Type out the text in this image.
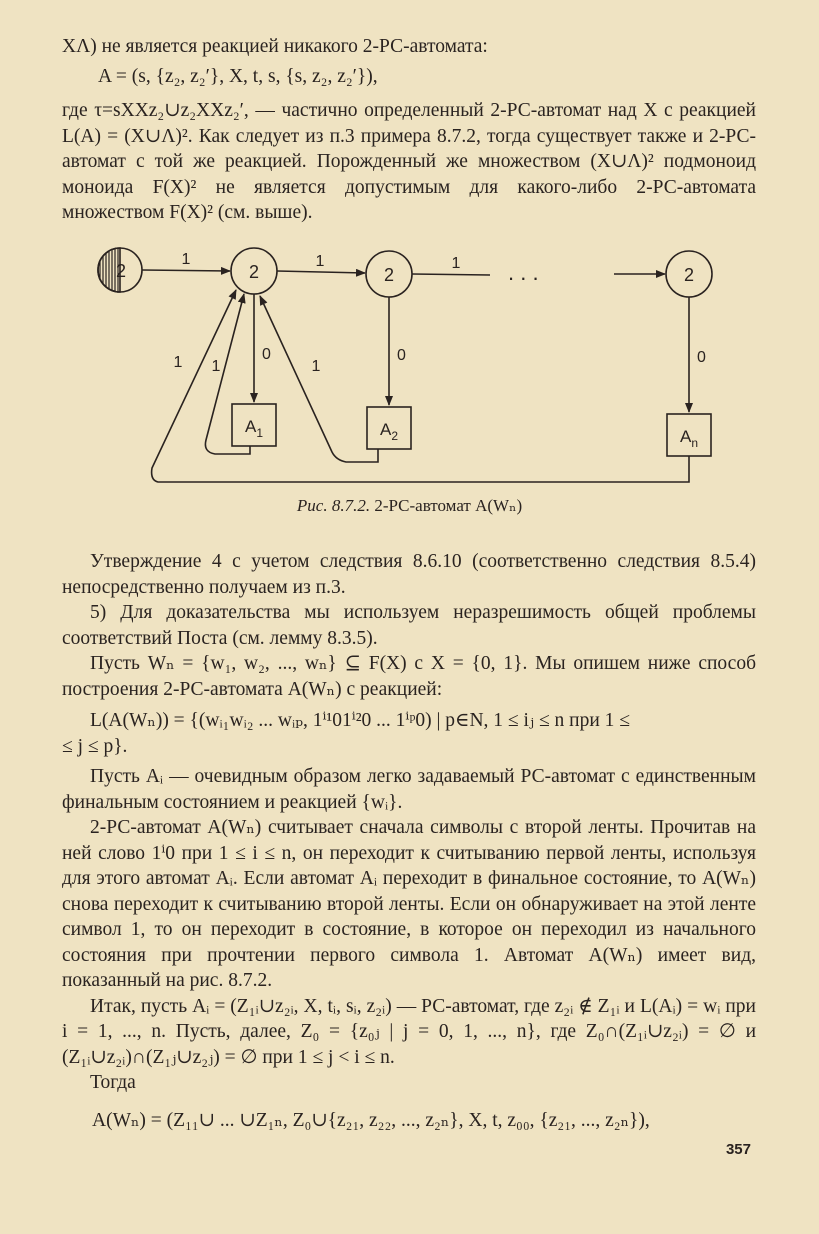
XΛ) не является реакцией никакого 2-РС-автомата:

A = (s, {z₂, z₂′}, X, t, s, {s, z₂, z₂′}),

где τ=sXXz₂∪z₂XXz₂′, — частично определенный 2-РС-автомат над X с реакцией L(A) = (X∪Λ)². Как следует из п.3 примера 8.7.2, тогда существует также и 2-РС-автомат с той же реакцией. Порожденный же множеством (X∪Λ)² подмоноид моноида F(X)² не является допустимым для какого-либо 2-РС-автомата множеством F(X)² (см. выше).

2	2	2	2
. . .
1	1	1
0	0	0
1 1	1
$A_1$	$A_2$	$A_n$
Рис. 8.7.2. 2-РС-автомат A(Wₙ)

Утверждение 4 с учетом следствия 8.6.10 (соответственно следствия 8.5.4) непосредственно получаем из п.3.

5) Для доказательства мы используем неразрешимость общей проблемы соответствий Поста (см. лемму 8.3.5).

Пусть Wₙ = {w₁, w₂, ..., wₙ} ⊆ F(X) с X = {0, 1}. Мы опишем ниже способ построения 2-РС-автомата A(Wₙ) с реакцией:

L(A(Wₙ)) = {(wᵢ₁wᵢ₂ ... wᵢₚ, 1ⁱ¹01ⁱ²0 ... 1ⁱᵖ0) | p∈N, 1 ≤ iⱼ ≤ n при 1 ≤
≤ j ≤ p}.

Пусть Aᵢ — очевидным образом легко задаваемый РС-автомат с единственным финальным состоянием и реакцией {wᵢ}.

2-РС-автомат A(Wₙ) считывает сначала символы с второй ленты. Прочитав на ней слово 1ⁱ0 при 1 ≤ i ≤ n, он переходит к считыванию первой ленты, используя для этого автомат Aᵢ. Если автомат Aᵢ переходит в финальное состояние, то A(Wₙ) снова переходит к считыванию второй ленты. Если он обнаруживает на этой ленте символ 1, то он переходит в состояние, в которое он переходил из начального состояния при прочтении первого символа 1. Автомат A(Wₙ) имеет вид, показанный на рис. 8.7.2.

Итак, пусть Aᵢ = (Z₁ᵢ∪z₂ᵢ, X, tᵢ, sᵢ, z₂ᵢ) — РС-автомат, где z₂ᵢ ∉ Z₁ᵢ и L(Aᵢ) = wᵢ при i = 1, ..., n. Пусть, далее, Z₀ = {z₀ⱼ | j = 0, 1, ..., n}, где Z₀∩(Z₁ᵢ∪z₂ᵢ) = ∅ и (Z₁ᵢ∪z₂ᵢ)∩(Z₁ⱼ∪z₂ⱼ) = ∅ при 1 ≤ j < i ≤ n.

Тогда

A(Wₙ) = (Z₁₁∪ ... ∪Z₁ₙ, Z₀∪{z₂₁, z₂₂, ..., z₂ₙ}, X, t, z₀₀, {z₂₁, ..., z₂ₙ}),
357
